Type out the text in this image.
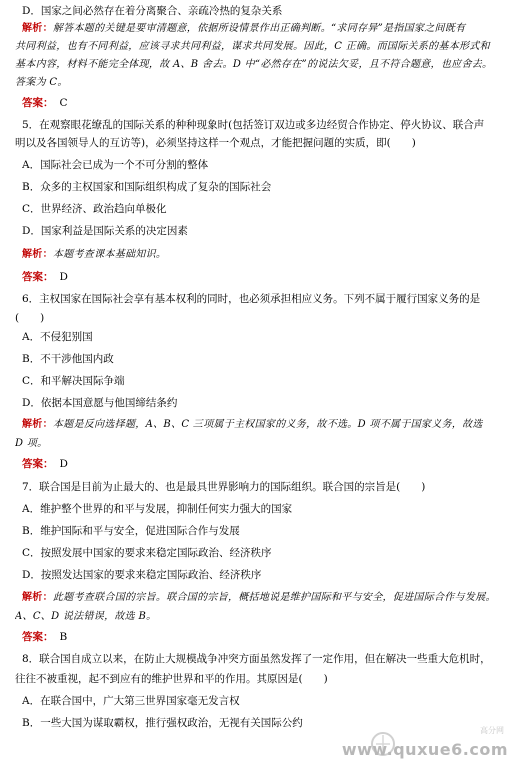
D．国家之间必然存在着分离聚合、亲疏冷热的复杂关系
解析：解答本题的关键是要审清题意，依据所设情景作出正确判断。“求同存异”是指国家之间既有
共同利益，也有不同利益，应该寻求共同利益，谋求共同发展。因此，C 正确。而国际关系的基本形式和
基本内容，材料不能完全体现，故 A、B 舍去。D 中“必然存在”的说法欠妥，且不符合题意，也应舍去。
答案为 C。
答案： C
5．在观察眼花缭乱的国际关系的种种现象时(包括签订双边或多边经贸合作协定、停火协议、联合声
明以及各国领导人的互访等)，必须坚持这样一个观点，才能把握问题的实质，即(　　)
A．国际社会已成为一个不可分割的整体
B．众多的主权国家和国际组织构成了复杂的国际社会
C．世界经济、政治趋向单极化
D．国家利益是国际关系的决定因素
解析：本题考查课本基础知识。
答案： D
6．主权国家在国际社会享有基本权利的同时，也必须承担相应义务。下列不属于履行国家义务的是
(　　)
A．不侵犯别国
B．不干涉他国内政
C．和平解决国际争端
D．依据本国意愿与他国缔结条约
解析：本题是反向选择题，A、B、C 三项属于主权国家的义务，故不选。D 项不属于国家义务，故选
D 项。
答案： D
7．联合国是目前为止最大的、也是最具世界影响力的国际组织。联合国的宗旨是(　　)
A．维护整个世界的和平与发展，抑制任何实力强大的国家
B．维护国际和平与安全，促进国际合作与发展
C．按照发展中国家的要求来稳定国际政治、经济秩序
D．按照发达国家的要求来稳定国际政治、经济秩序
解析：此题考查联合国的宗旨。联合国的宗旨，概括地说是维护国际和平与安全，促进国际合作与发展。
A、C、D 说法错误，故选 B。
答案： B
8．联合国自成立以来，在防止大规模战争冲突方面虽然发挥了一定作用，但在解决一些重大危机时，
往往不被重视，起不到应有的维护世界和平的作用。其原因是(　　)
A．在联合国中，广大第三世界国家毫无发言权
B．一些大国为谋取霸权，推行强权政治，无视有关国际公约
高分网
www.quxue6.com
